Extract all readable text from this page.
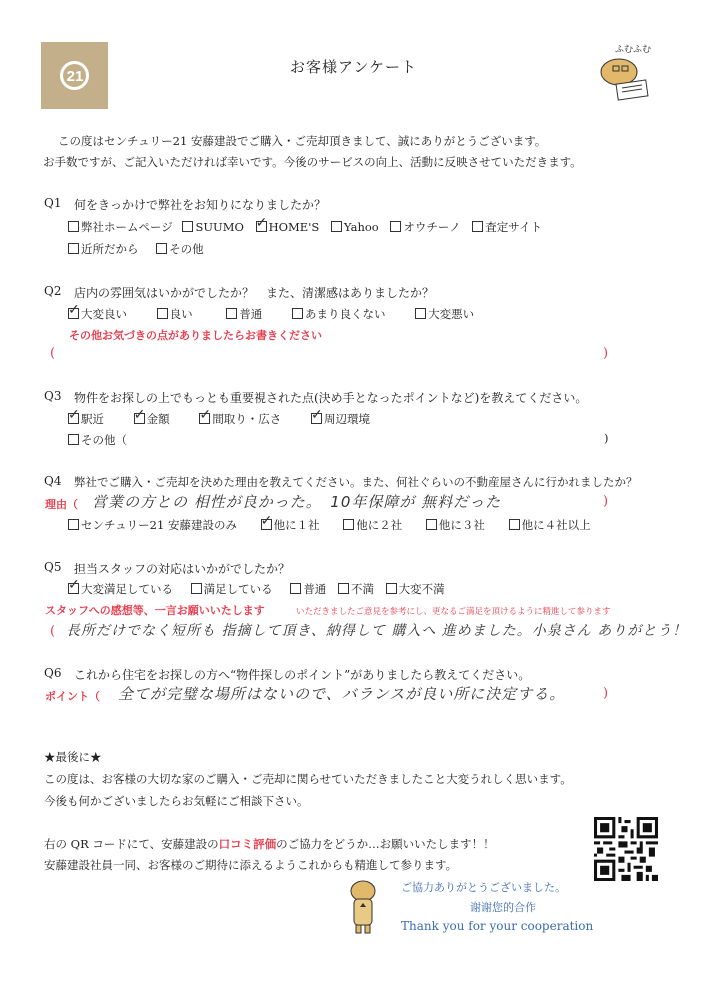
21
お客様アンケート
ふむふむ
この度はセンチュリー21 安藤建設でご購入・ご売却頂きまして、誠にありがとうございます。
お手数ですが、ご記入いただければ幸いです。今後のサービスの向上、活動に反映させていただきます。
Q1 何をきっかけで弊社をお知りになりましたか？
弊社ホームページ SUUMO ✓ HOME'S Yahoo オウチーノ 査定サイト
近所だから	その他
Q2 店内の雰囲気はいかがでしたか？　また、清潔感はありましたか？
✓大変良い	良い	普通	あまり良くない	大変悪い
その他お気づきの点がありましたらお書きください
(	)
Q3 物件をお探しの上でもっとも重要視された点(決め手となったポイントなど)を教えてください。
✓駅近 ✓	金額 ✓	間取り・広さ ✓	周辺環境
その他（	)
Q4 弊社でご購入・ご売却を決めた理由を教えてください。また、何社ぐらいの不動産屋さんに行かれましたか？
理由（ 営業の方との 相性が良かった。　10年保障が 無料だった	)
センチュリー21 安藤建設のみ ✓	他に１社	他に２社	他に３社	他に４社以上
Q5 担当スタッフの対応はいかがでしたか？
✓大変満足している	満足している	普通 不満 大変不満
スタッフへの感想等、一言お願いいたします	いただきましたご意見を参考にし、更なるご満足を頂けるように精進して参ります
( 長所だけでなく短所も 指摘して頂き、納得して 購入へ 進めました。小泉さん ありがとう！
Q6 これから住宅をお探しの方へ“物件探しのポイント”がありましたら教えてください。
ポイント（ 全てが完璧な場所はないので、バランスが良い所に決定する。	)
★最後に★
この度は、お客様の大切な家のご購入・ご売却に関らせていただきましたこと大変うれしく思います。
今後も何かございましたらお気軽にご相談下さい。
右の QR コードにて、安藤建設の口コミ評価のご協力をどうか…お願いいたします！！
安藤建設社員一同、お客様のご期待に添えるようこれからも精進して参ります。
ご協力ありがとうございました。
谢谢您的合作
Thank you for your cooperation
